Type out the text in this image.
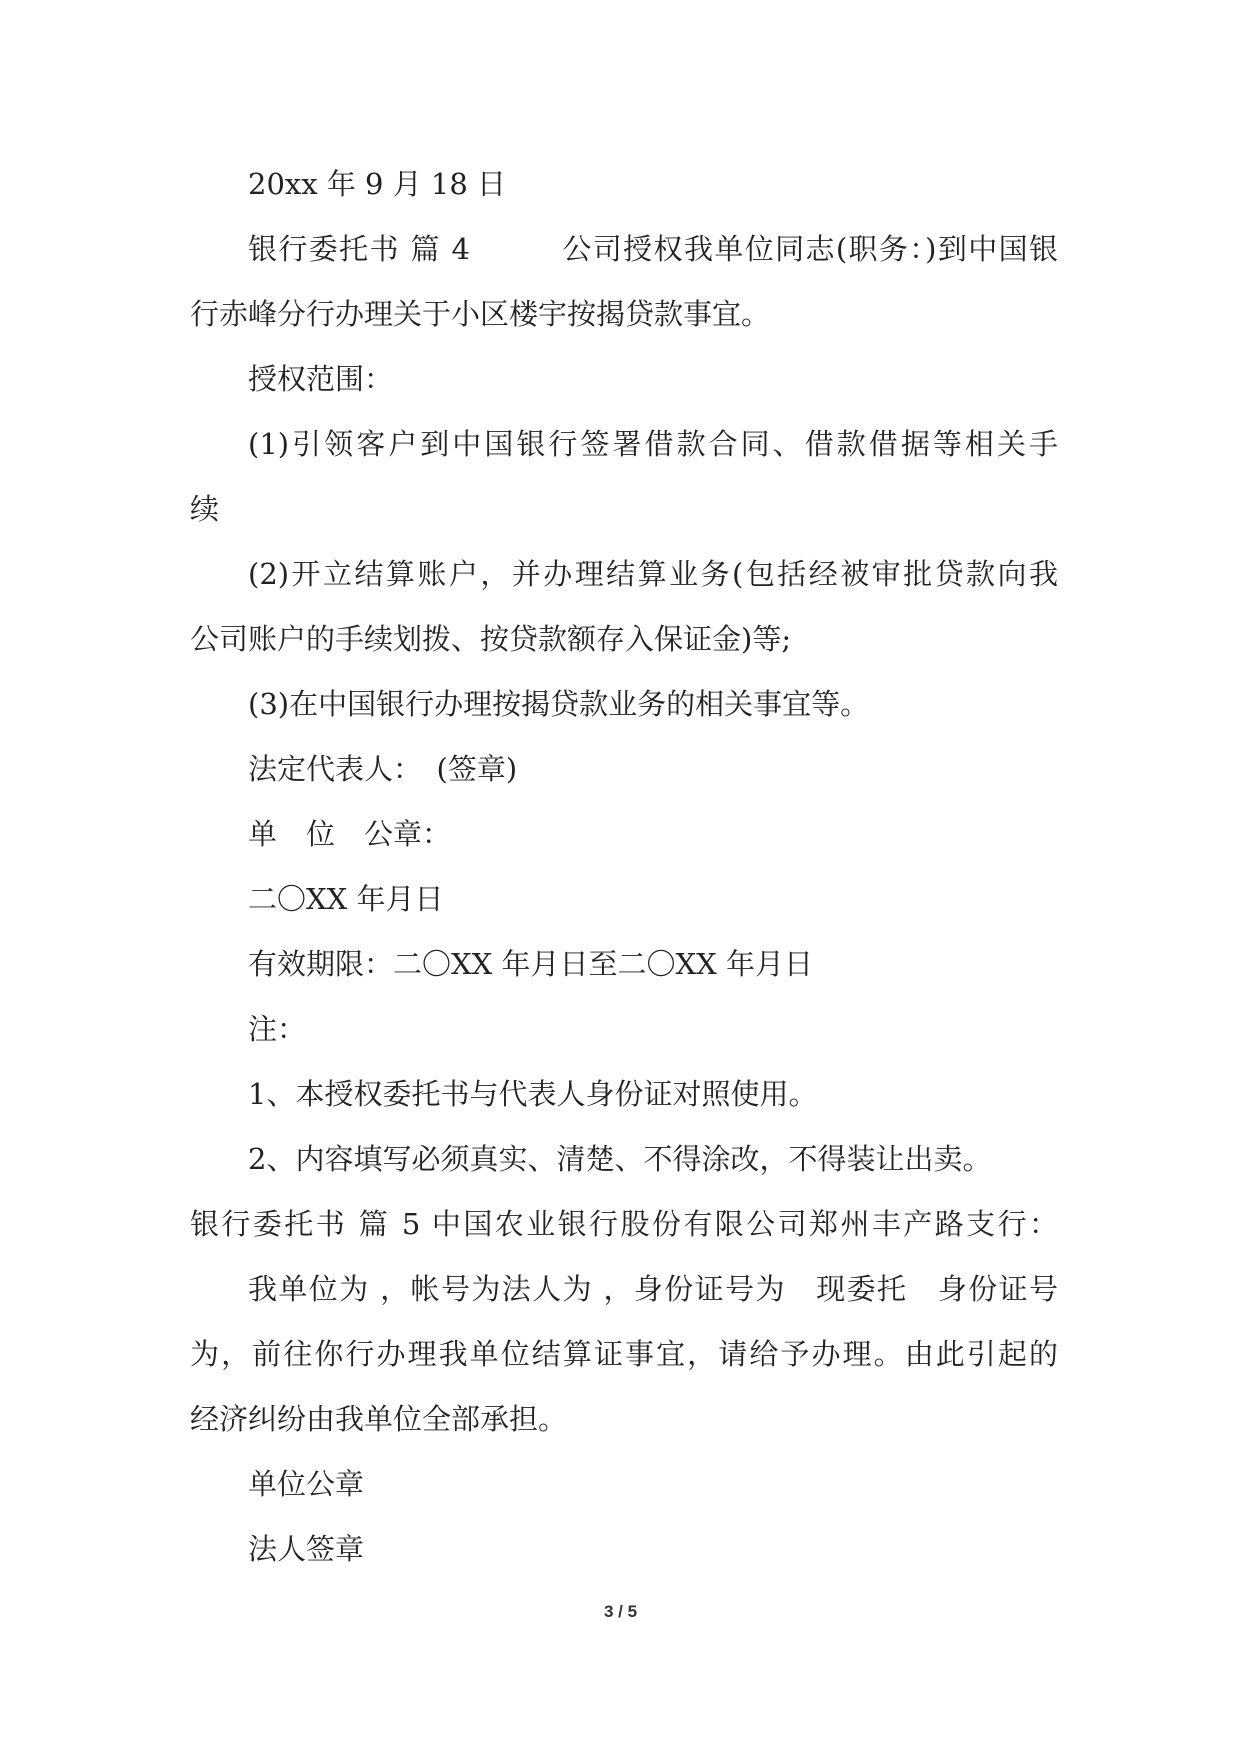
20xx 年 9 月 18 日
银行委托书 篇 4　　　公司授权我单位同志(职务：)到中国银
行赤峰分行办理关于小区楼宇按揭贷款事宜。
授权范围：
(1)引领客户到中国银行签署借款合同、借款借据等相关手
续
(2)开立结算账户，并办理结算业务(包括经被审批贷款向我
公司账户的手续划拨、按贷款额存入保证金)等;
(3)在中国银行办理按揭贷款业务的相关事宜等。
法定代表人：　(签章)
单　位　公章：
二〇XX 年月日
有效期限：二〇XX 年月日至二〇XX 年月日
注：
1、本授权委托书与代表人身份证对照使用。
2、内容填写必须真实、清楚、不得涂改，不得装让出卖。
银行委托书 篇 5 中国农业银行股份有限公司郑州丰产路支行：
我单位为 ，帐号为法人为 ，身份证号为　现委托　身份证号
为，前往你行办理我单位结算证事宜，请给予办理。由此引起的
经济纠纷由我单位全部承担。
单位公章
法人签章
3 / 5
